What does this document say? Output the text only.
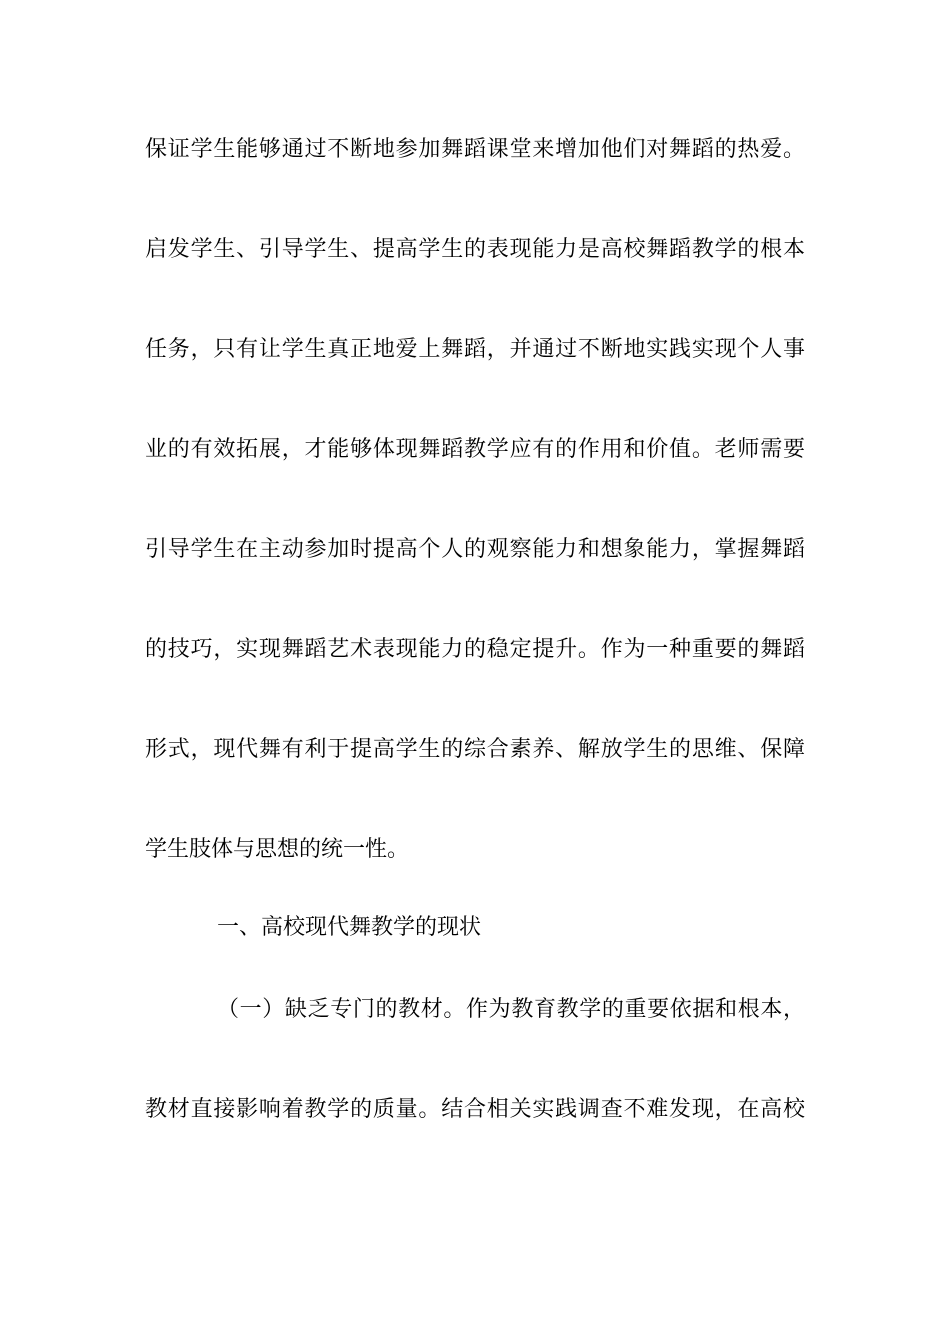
保证学生能够通过不断地参加舞蹈课堂来增加他们对舞蹈的热爱。
启发学生、引导学生、提高学生的表现能力是高校舞蹈教学的根本
任务，只有让学生真正地爱上舞蹈，并通过不断地实践实现个人事
业的有效拓展，才能够体现舞蹈教学应有的作用和价值。老师需要
引导学生在主动参加时提高个人的观察能力和想象能力，掌握舞蹈
的技巧，实现舞蹈艺术表现能力的稳定提升。作为一种重要的舞蹈
形式，现代舞有利于提高学生的综合素养、解放学生的思维、保障
学生肢体与思想的统一性。
一、高校现代舞教学的现状
（一）缺乏专门的教材。作为教育教学的重要依据和根本，
教材直接影响着教学的质量。结合相关实践调查不难发现，在高校
